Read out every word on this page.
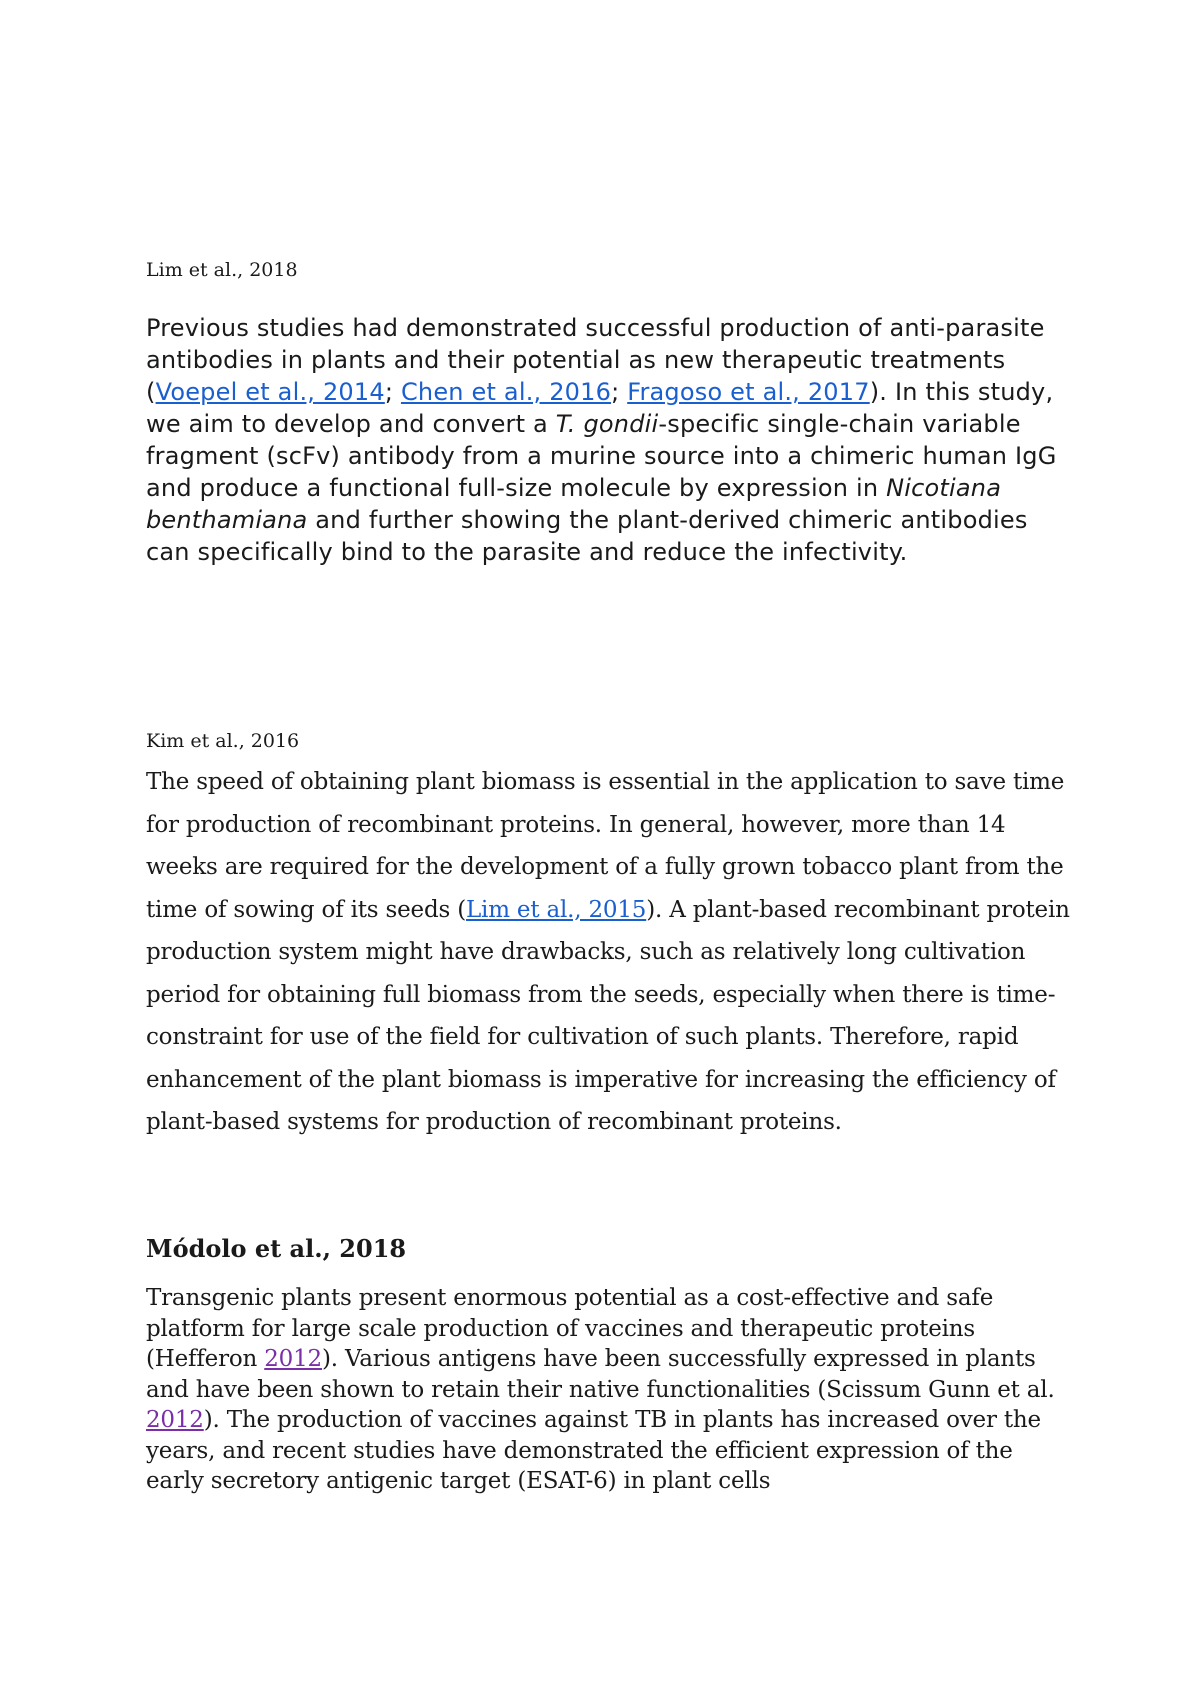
Lim et al., 2018

Previous studies had demonstrated successful production of anti-parasite antibodies in plants and their potential as new therapeutic treatments (Voepel et al., 2014; Chen et al., 2016; Fragoso et al., 2017). In this study, we aim to develop and convert a T. gondii-specific single-chain variable fragment (scFv) antibody from a murine source into a chimeric human IgG and produce a functional full-size molecule by expression in Nicotiana benthamiana and further showing the plant-derived chimeric antibodies can specifically bind to the parasite and reduce the infectivity.

Kim et al., 2016

The speed of obtaining plant biomass is essential in the application to save time for production of recombinant proteins. In general, however, more than 14 weeks are required for the development of a fully grown tobacco plant from the time of sowing of its seeds (Lim et al., 2015). A plant-based recombinant protein production system might have drawbacks, such as relatively long cultivation period for obtaining full biomass from the seeds, especially when there is time-constraint for use of the field for cultivation of such plants. Therefore, rapid enhancement of the plant biomass is imperative for increasing the efficiency of plant-based systems for production of recombinant proteins.

Módolo et al., 2018

Transgenic plants present enormous potential as a cost-effective and safe platform for large scale production of vaccines and therapeutic proteins (Hefferon 2012). Various antigens have been successfully expressed in plants and have been shown to retain their native functionalities (Scissum Gunn et al. 2012). The production of vaccines against TB in plants has increased over the years, and recent studies have demonstrated the efficient expression of the early secretory antigenic target (ESAT-6) in plant cells
